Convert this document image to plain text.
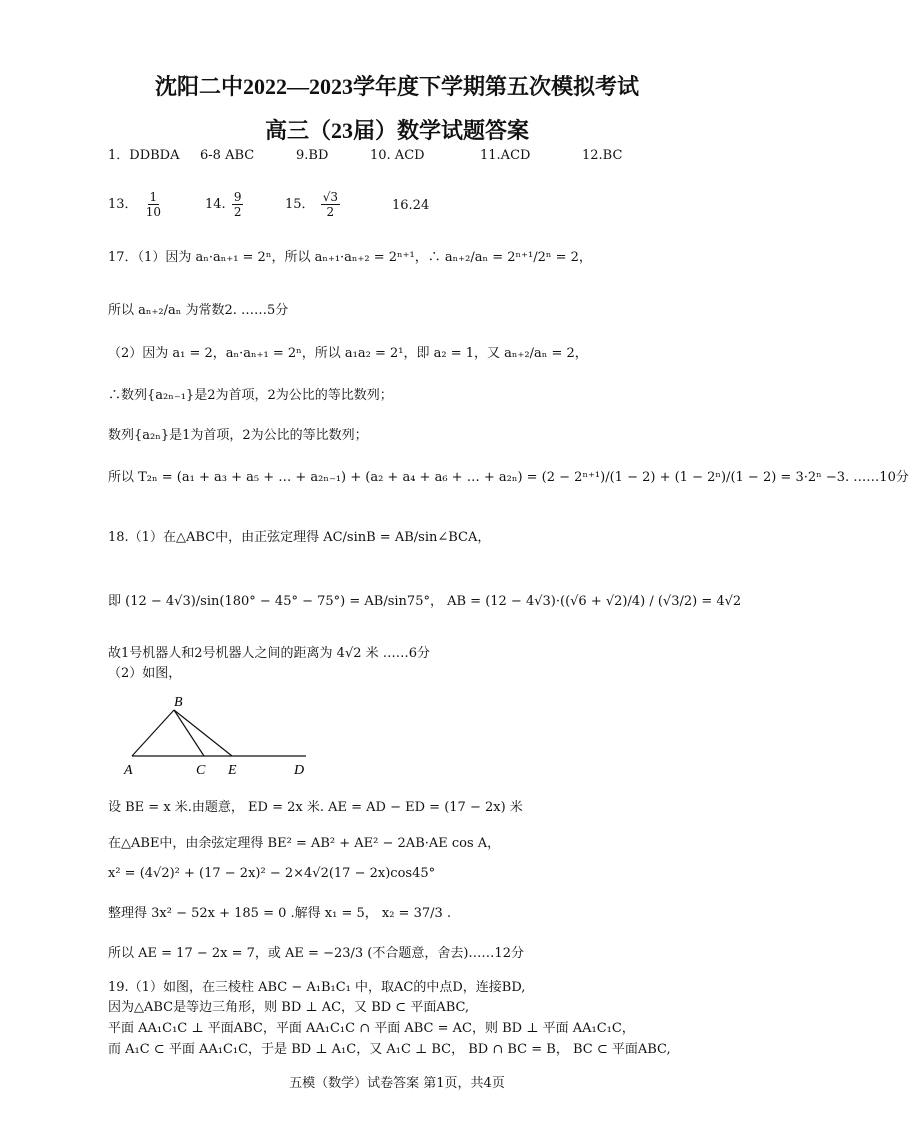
沈阳二中2022—2023学年度下学期第五次模拟考试
高三（23届）数学试题答案
1．DDBDA 6-8 ABC	9.BD	10. ACD	11.ACD	12.BC
13． $\frac{1}{10}$	14. $\frac{9}{2}$	15． $\frac{√3}{2}$	16.24
17．（1）因为 aₙ·aₙ₊₁ = 2ⁿ，所以 aₙ₊₁·aₙ₊₂ = 2ⁿ⁺¹，∴ aₙ₊₂/aₙ = 2ⁿ⁺¹/2ⁿ = 2，
所以 aₙ₊₂/aₙ 为常数2. ……5分
（2）因为 a₁ = 2，aₙ·aₙ₊₁ = 2ⁿ，所以 a₁a₂ = 2¹，即 a₂ = 1，又 aₙ₊₂/aₙ = 2，
∴数列{a₂ₙ₋₁}是2为首项，2为公比的等比数列；
数列{a₂ₙ}是1为首项，2为公比的等比数列；
所以 T₂ₙ = (a₁ + a₃ + a₅ + … + a₂ₙ₋₁) + (a₂ + a₄ + a₆ + … + a₂ₙ) = (2 − 2ⁿ⁺¹)/(1 − 2) + (1 − 2ⁿ)/(1 − 2) = 3·2ⁿ −3. ……10分
18.（1）在△ABC中，由正弦定理得 AC/sinB = AB/sin∠BCA，
即 (12 − 4√3)/sin(180° − 45° − 75°) = AB/sin75°， AB = (12 − 4√3)·((√6 + √2)/4) / (√3/2) = 4√2
故1号机器人和2号机器人之间的距离为 4√2 米 ……6分
（2）如图，
B
A	C E	D
设 BE = x 米.由题意， ED = 2x 米. AE = AD − ED = (17 − 2x) 米
在△ABE中，由余弦定理得 BE² = AB² + AE² − 2AB·AE cos A，
x² = (4√2)² + (17 − 2x)² − 2×4√2(17 − 2x)cos45°
整理得 3x² − 52x + 185 = 0 .解得 x₁ = 5， x₂ = 37/3 .
所以 AE = 17 − 2x = 7，或 AE = −23/3 (不合题意，舍去)……12分
19.（1）如图，在三棱柱 ABC − A₁B₁C₁ 中，取AC的中点D，连接BD,
因为△ABC是等边三角形，则 BD ⊥ AC，又 BD ⊂ 平面ABC,
平面 AA₁C₁C ⊥ 平面ABC，平面 AA₁C₁C ∩ 平面 ABC = AC，则 BD ⊥ 平面 AA₁C₁C，
而 A₁C ⊂ 平面 AA₁C₁C，于是 BD ⊥ A₁C，又 A₁C ⊥ BC， BD ∩ BC = B， BC ⊂ 平面ABC,
五模（数学）试卷答案 第1页，共4页
